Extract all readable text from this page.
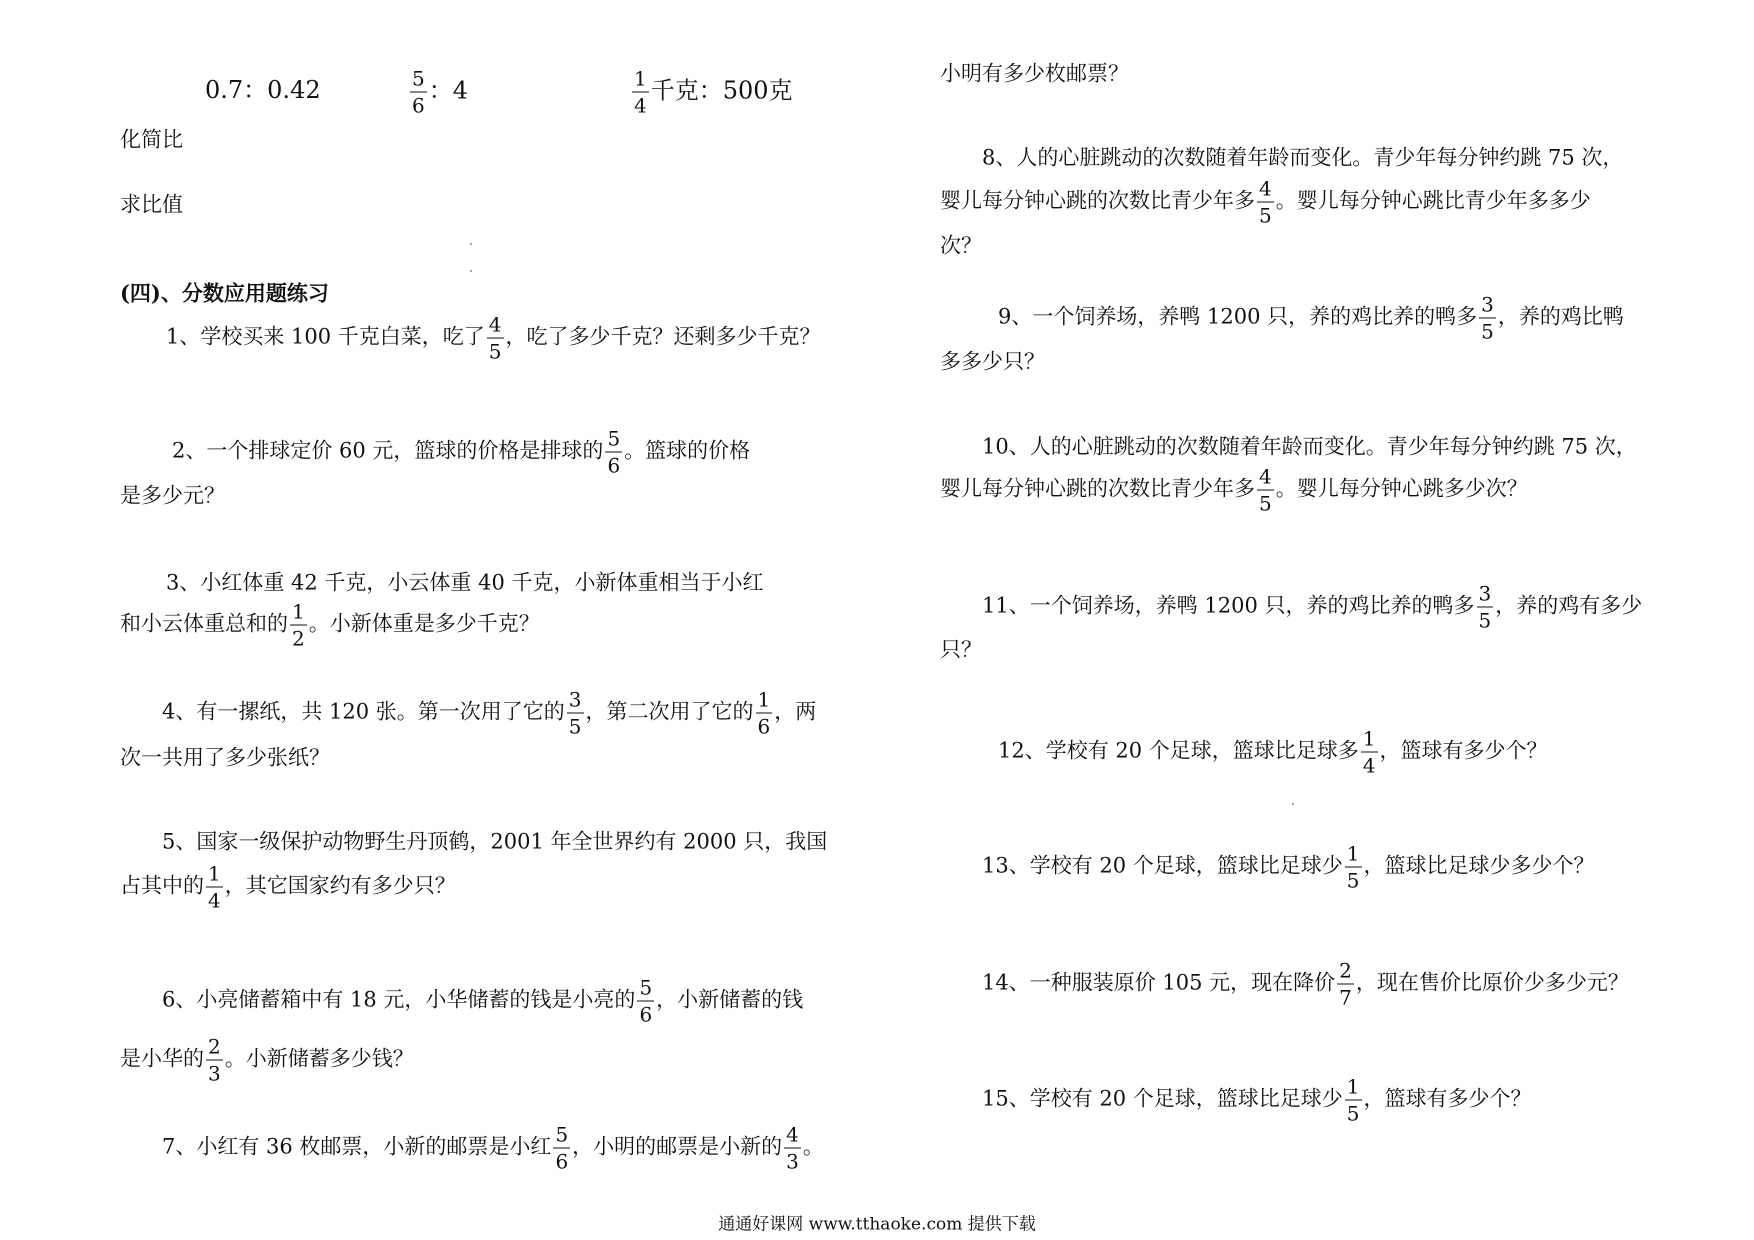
0.7：0.42	$\frac{5}{6}$ ：4	$\frac{1}{4}$ 千克：500克
化简比
求比值
(四)、分数应用题练习
1、学校买来 100 千克白菜，吃了 $\frac{4}{5}$ ，吃了多少千克？还剩多少千克？
2、一个排球定价 60 元，篮球的价格是排球的 $\frac{5}{6}$ 。篮球的价格
是多少元？
3、小红体重 42 千克，小云体重 40 千克，小新体重相当于小红
和小云体重总和的 $\frac{1}{2}$ 。小新体重是多少千克？
4、有一摞纸，共 120 张。第一次用了它的 $\frac{3}{5}$ ，第二次用了它的 $\frac{1}{6}$ ，两
次一共用了多少张纸？
5、国家一级保护动物野生丹顶鹤，2001 年全世界约有 2000 只，我国
占其中的 $\frac{1}{4}$ ，其它国家约有多少只？
6、小亮储蓄箱中有 18 元，小华储蓄的钱是小亮的 $\frac{5}{6}$ ，小新储蓄的钱
是小华的 $\frac{2}{3}$ 。小新储蓄多少钱？
7、小红有 36 枚邮票，小新的邮票是小红 $\frac{5}{6}$ ，小明的邮票是小新的 $\frac{4}{3}$ 。
小明有多少枚邮票？
8、人的心脏跳动的次数随着年龄而变化。青少年每分钟约跳 75 次，
婴儿每分钟心跳的次数比青少年多 $\frac{4}{5}$ 。婴儿每分钟心跳比青少年多多少
次？
9、一个饲养场，养鸭 1200 只，养的鸡比养的鸭多 $\frac{3}{5}$ ，养的鸡比鸭
多多少只？
10、人的心脏跳动的次数随着年龄而变化。青少年每分钟约跳 75 次，
婴儿每分钟心跳的次数比青少年多 $\frac{4}{5}$ 。婴儿每分钟心跳多少次？
11、一个饲养场，养鸭 1200 只，养的鸡比养的鸭多 $\frac{3}{5}$ ，养的鸡有多少
只？
12、学校有 20 个足球，篮球比足球多 $\frac{1}{4}$ ，篮球有多少个？
13、学校有 20 个足球，篮球比足球少 $\frac{1}{5}$ ，篮球比足球少多少个？
14、一种服装原价 105 元，现在降价 $\frac{2}{7}$ ，现在售价比原价少多少元？
15、学校有 20 个足球，篮球比足球少 $\frac{1}{5}$ ，篮球有多少个？
通通好课网 www.tthaoke.com 提供下载
